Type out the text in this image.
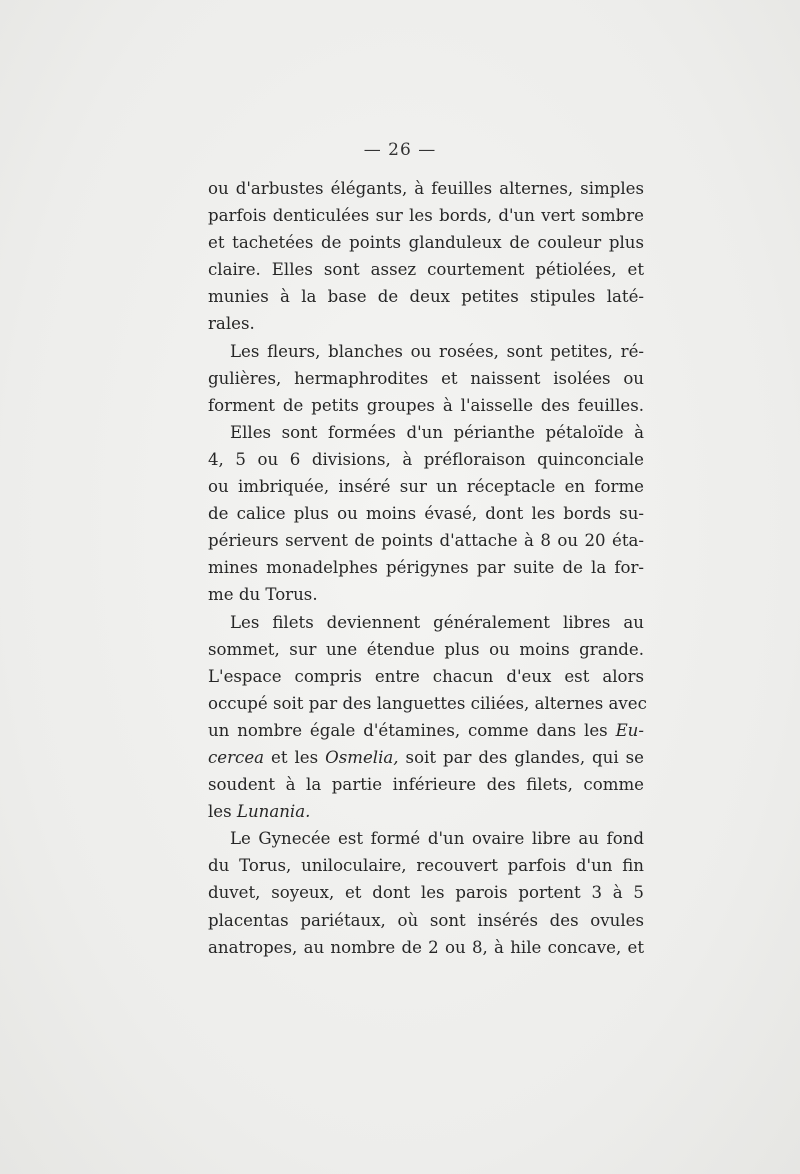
— 26 —
ou d'arbustes élégants, à feuilles alternes, simples
parfois denticulées sur les bords, d'un vert sombre
et tachetées de points glanduleux de couleur plus
claire. Elles sont assez courtement pétiolées, et
munies à la base de deux petites stipules laté-
rales.
Les fleurs, blanches ou rosées, sont petites, ré-
gulières, hermaphrodites et naissent isolées ou
forment de petits groupes à l'aisselle des feuilles.
Elles sont formées d'un périanthe pétaloïde à
4, 5 ou 6 divisions, à préfloraison quinconciale
ou imbriquée, inséré sur un réceptacle en forme
de calice plus ou moins évasé, dont les bords su-
périeurs servent de points d'attache à 8 ou 20 éta-
mines monadelphes périgynes par suite de la for-
me du Torus.
Les filets deviennent généralement libres au
sommet, sur une étendue plus ou moins grande.
L'espace compris entre chacun d'eux est alors
occupé soit par des languettes ciliées, alternes avec
un nombre égale d'étamines, comme dans les Eu-
cercea et les Osmelia, soit par des glandes, qui se
soudent à la partie inférieure des filets, comme
les Lunania.
Le Gynecée est formé d'un ovaire libre au fond
du Torus, uniloculaire, recouvert parfois d'un fin
duvet, soyeux, et dont les parois portent 3 à 5
placentas pariétaux, où sont insérés des ovules
anatropes, au nombre de 2 ou 8, à hile concave, et
